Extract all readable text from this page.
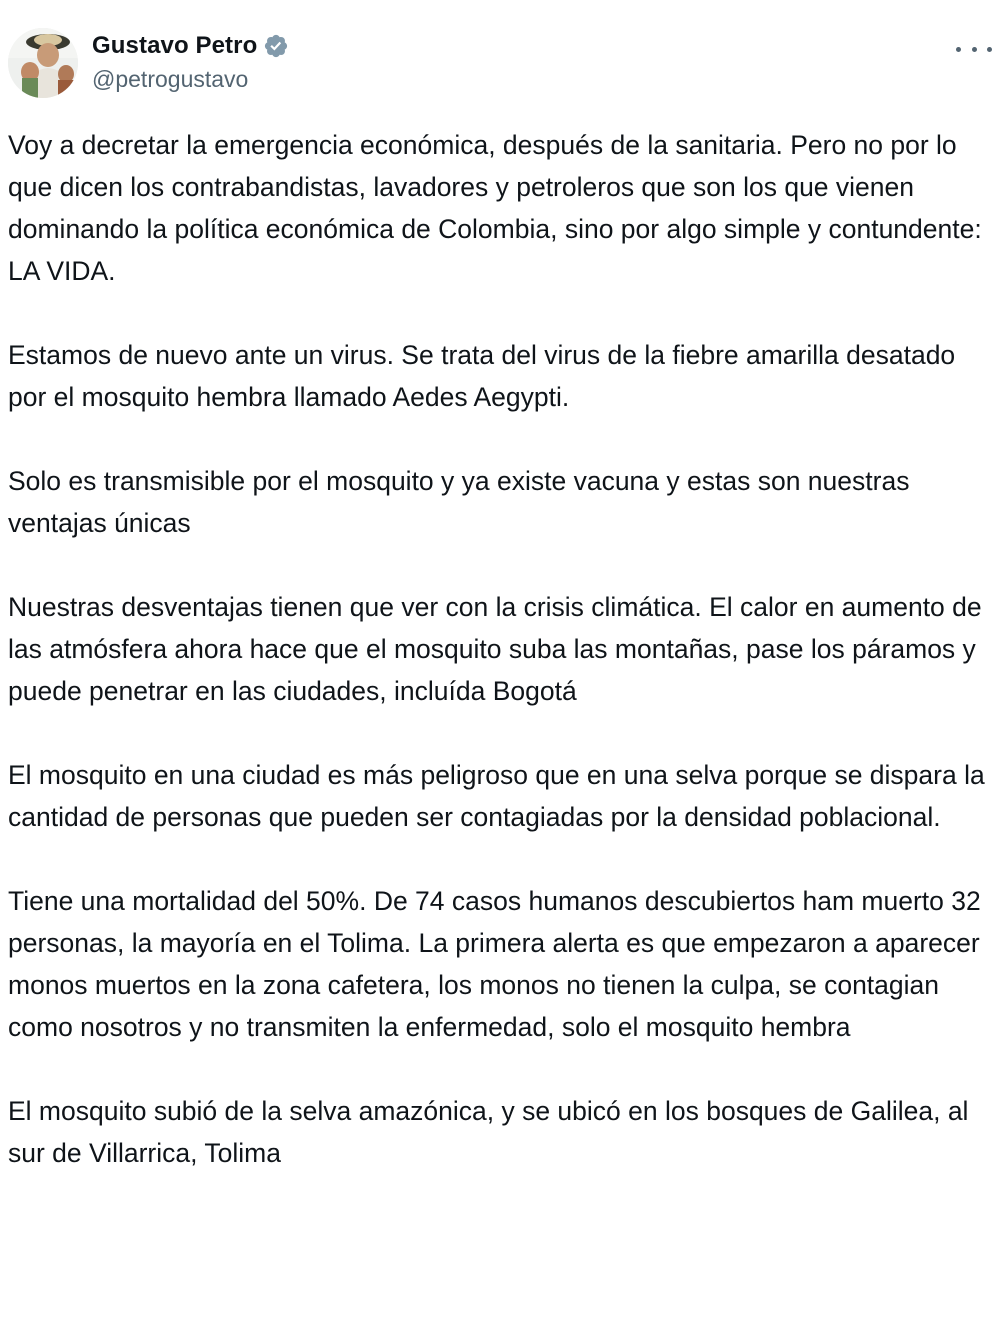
Gustavo Petro
@petrogustavo

Voy a decretar la emergencia económica, después de la sanitaria. Pero no por lo que dicen los contrabandistas, lavadores y petroleros que son los que vienen dominando la política económica de Colombia, sino por algo simple y contundente: LA VIDA.

Estamos de nuevo ante un virus. Se trata del virus de la fiebre amarilla desatado por el mosquito hembra llamado Aedes Aegypti.

Solo es transmisible por el mosquito y ya existe vacuna y estas son nuestras ventajas únicas

Nuestras desventajas tienen que ver con la crisis climática. El calor en aumento de las atmósfera ahora hace que el mosquito suba las montañas, pase los páramos y puede penetrar en las ciudades, incluída Bogotá

El mosquito en una ciudad es más peligroso que en una selva porque se dispara la cantidad de personas que pueden ser contagiadas por la densidad poblacional.

Tiene una mortalidad del 50%. De 74 casos humanos descubiertos ham muerto 32 personas, la mayoría en el Tolima. La primera alerta es que empezaron a aparecer monos muertos en la zona cafetera, los monos no tienen la culpa, se contagian como nosotros y no transmiten la enfermedad, solo el mosquito hembra

El mosquito subió de la selva amazónica, y se ubicó en los bosques de Galilea, al sur de Villarrica, Tolima
